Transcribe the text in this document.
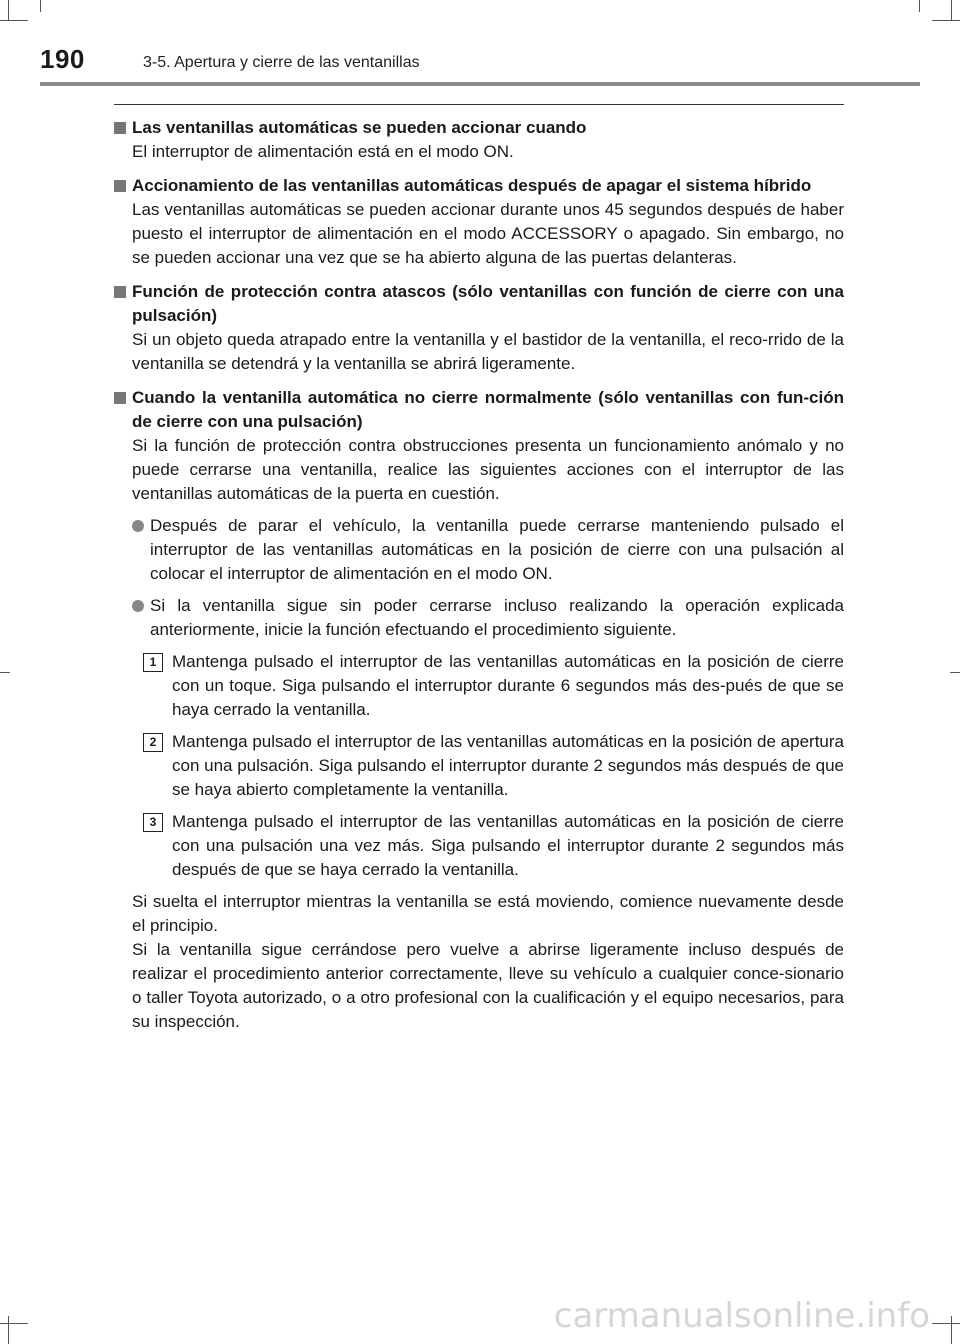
190	3-5. Apertura y cierre de las ventanillas
Las ventanillas automáticas se pueden accionar cuando
El interruptor de alimentación está en el modo ON.
Accionamiento de las ventanillas automáticas después de apagar el sistema híbrido
Las ventanillas automáticas se pueden accionar durante unos 45 segundos después de haber puesto el interruptor de alimentación en el modo ACCESSORY o apagado. Sin embargo, no se pueden accionar una vez que se ha abierto alguna de las puertas delanteras.
Función de protección contra atascos (sólo ventanillas con función de cierre con una pulsación)
Si un objeto queda atrapado entre la ventanilla y el bastidor de la ventanilla, el reco-rrido de la ventanilla se detendrá y la ventanilla se abrirá ligeramente.
Cuando la ventanilla automática no cierre normalmente (sólo ventanillas con fun-ción de cierre con una pulsación)
Si la función de protección contra obstrucciones presenta un funcionamiento anómalo y no puede cerrarse una ventanilla, realice las siguientes acciones con el interruptor de las ventanillas automáticas de la puerta en cuestión.
Después de parar el vehículo, la ventanilla puede cerrarse manteniendo pulsado el interruptor de las ventanillas automáticas en la posición de cierre con una pulsación al colocar el interruptor de alimentación en el modo ON.
Si la ventanilla sigue sin poder cerrarse incluso realizando la operación explicada anteriormente, inicie la función efectuando el procedimiento siguiente.
1 Mantenga pulsado el interruptor de las ventanillas automáticas en la posición de cierre con un toque. Siga pulsando el interruptor durante 6 segundos más des-pués de que se haya cerrado la ventanilla.
2 Mantenga pulsado el interruptor de las ventanillas automáticas en la posición de apertura con una pulsación. Siga pulsando el interruptor durante 2 segundos más después de que se haya abierto completamente la ventanilla.
3 Mantenga pulsado el interruptor de las ventanillas automáticas en la posición de cierre con una pulsación una vez más. Siga pulsando el interruptor durante 2 segundos más después de que se haya cerrado la ventanilla.
Si suelta el interruptor mientras la ventanilla se está moviendo, comience nuevamente desde el principio.
Si la ventanilla sigue cerrándose pero vuelve a abrirse ligeramente incluso después de realizar el procedimiento anterior correctamente, lleve su vehículo a cualquier conce-sionario o taller Toyota autorizado, o a otro profesional con la cualificación y el equipo necesarios, para su inspección.
carmanualsonline.info
